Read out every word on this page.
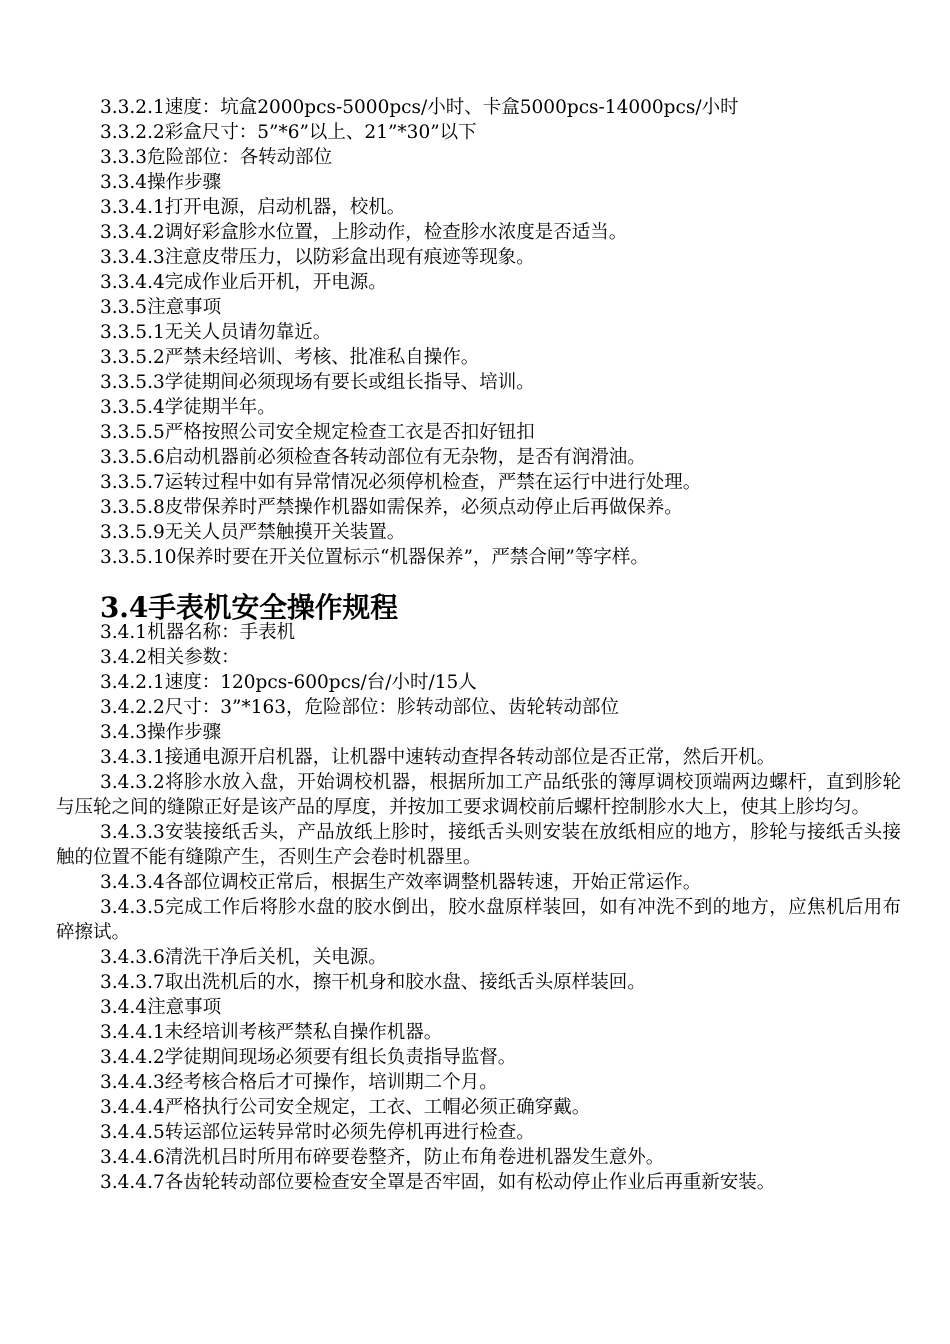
3.3.2.1速度：坑盒2000pcs-5000pcs/小时、卡盒5000pcs-14000pcs/小时

3.3.2.2彩盒尺寸：5”*6”以上、21”*30”以下

3.3.3危险部位：各转动部位

3.3.4操作步骤

3.3.4.1打开电源，启动机器，校机。

3.3.4.2调好彩盒胗水位置，上胗动作，检查胗水浓度是否适当。

3.3.4.3注意皮带压力，以防彩盒出现有痕迹等现象。

3.3.4.4完成作业后开机，开电源。

3.3.5注意事项

3.3.5.1无关人员请勿靠近。

3.3.5.2严禁未经培训、考核、批准私自操作。

3.3.5.3学徒期间必须现场有要长或组长指导、培训。

3.3.5.4学徒期半年。

3.3.5.5严格按照公司安全规定检查工衣是否扣好钮扣

3.3.5.6启动机器前必须检查各转动部位有无杂物，是否有润滑油。

3.3.5.7运转过程中如有异常情况必须停机检查，严禁在运行中进行处理。

3.3.5.8皮带保养时严禁操作机器如需保养，必须点动停止后再做保养。

3.3.5.9无关人员严禁触摸开关装置。

3.3.5.10保养时要在开关位置标示“机器保养”，严禁合闸”等字样。

3.4手表机安全操作规程

3.4.1机器名称：手表机

3.4.2相关参数：

3.4.2.1速度：120pcs-600pcs/台/小时/15人

3.4.2.2尺寸：3”*163，危险部位：胗转动部位、齿轮转动部位

3.4.3操作步骤

3.4.3.1接通电源开启机器，让机器中速转动查捍各转动部位是否正常，然后开机。

3.4.3.2将胗水放入盘，开始调校机器，根据所加工产品纸张的簿厚调校顶端两边螺杆，直到胗轮与压轮之间的缝隙正好是该产品的厚度，并按加工要求调校前后螺杆控制胗水大上，使其上胗均匀。

3.4.3.3安装接纸舌头，产品放纸上胗时，接纸舌头则安装在放纸相应的地方，胗轮与接纸舌头接触的位置不能有缝隙产生，否则生产会卷时机器里。

3.4.3.4各部位调校正常后，根据生产效率调整机器转速，开始正常运作。

3.4.3.5完成工作后将胗水盘的胶水倒出，胶水盘原样装回，如有冲洗不到的地方，应焦机后用布碎擦试。

3.4.3.6清洗干净后关机，关电源。

3.4.3.7取出洗机后的水，擦干机身和胶水盘、接纸舌头原样装回。

3.4.4注意事项

3.4.4.1未经培训考核严禁私自操作机器。

3.4.4.2学徒期间现场必须要有组长负责指导监督。

3.4.4.3经考核合格后才可操作，培训期二个月。

3.4.4.4严格执行公司安全规定，工衣、工帽必须正确穿戴。

3.4.4.5转运部位运转异常时必须先停机再进行检查。

3.4.4.6清洗机吕时所用布碎要卷整齐，防止布角卷进机器发生意外。

3.4.4.7各齿轮转动部位要检查安全罩是否牢固，如有松动停止作业后再重新安装。
